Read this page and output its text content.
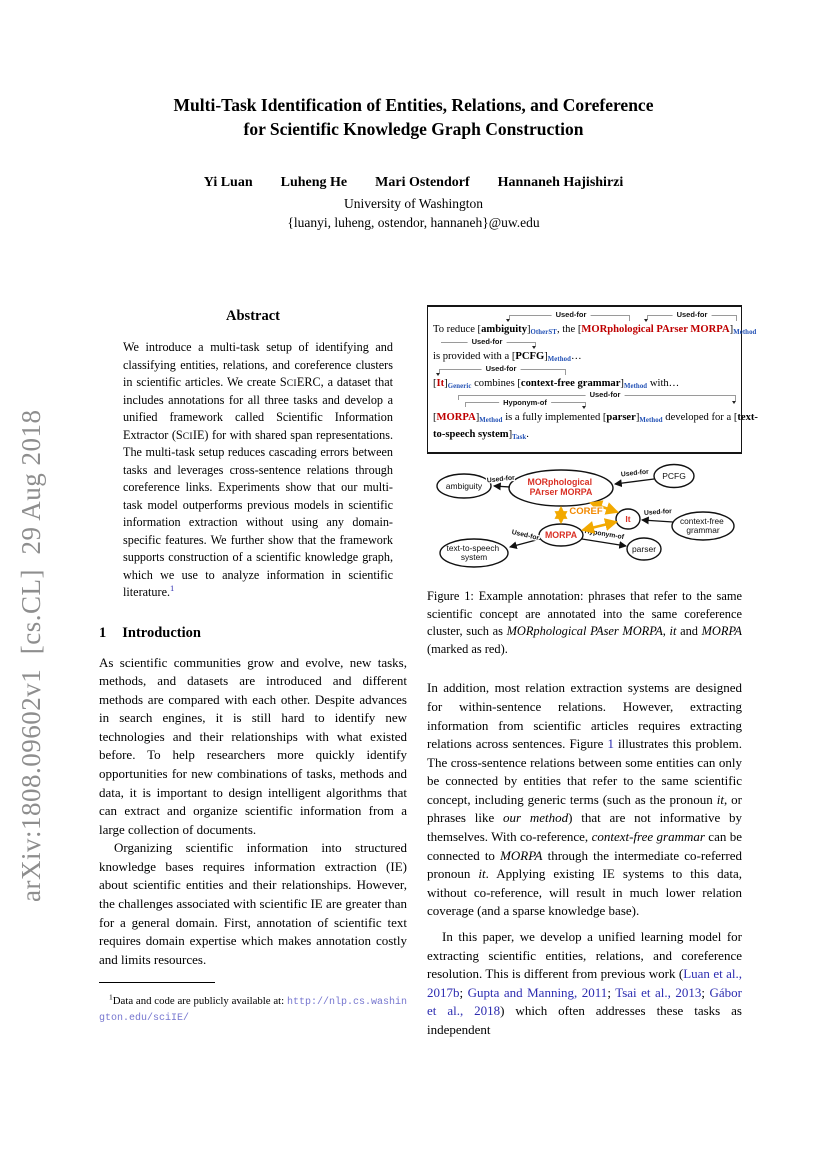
arXiv:1808.09602v1  [cs.CL]  29 Aug 2018
Multi-Task Identification of Entities, Relations, and Coreference
for Scientific Knowledge Graph Construction
Yi Luan Luheng He Mari Ostendorf Hannaneh Hajishirzi
University of Washington
{luanyi, luheng, ostendor, hannaneh}@uw.edu
Abstract

We introduce a multi-task setup of identifying and classifying entities, relations, and coreference clusters in scientific articles. We create SCIERC, a dataset that includes annotations for all three tasks and develop a unified framework called Scientific Information Extractor (SCIIE) for with shared span representations. The multi-task setup reduces cascading errors between tasks and leverages cross-sentence relations through coreference links. Experiments show that our multi-task model outperforms previous models in scientific information extraction without using any domain-specific features. We further show that the framework supports construction of a scientific knowledge graph, which we use to analyze information in scientific literature.$^1$

1 Introduction

As scientific communities grow and evolve, new tasks, methods, and datasets are introduced and different methods are compared with each other. Despite advances in search engines, it is still hard to identify new technologies and their relationships with what existed before. To help researchers more quickly identify opportunities for new combinations of tasks, methods and data, it is important to design intelligent algorithms that can extract and organize scientific information from a large collection of documents.

Organizing scientific information into structured knowledge bases requires information extraction (IE) about scientific entities and their relationships. However, the challenges associated with scientific IE are greater than for a general domain. First, annotation of scientific text requires domain expertise which makes annotation costly and limits resources.

$^1$Data and code are publicly available at: http://nlp.cs.washington.edu/sciIE/

Used-for	Used-for
To reduce [ambiguity]OtherST, the [MORphological PArser MORPA]Method
Used-for
is provided with a [PCFG]Method…
Used-for
[It]Generic combines [context-free grammar]Method with…
Used-for
Hyponym-of
[MORPA]Method is a fully implemented [parser]Method developed for a [text-
to-speech system]Task.
ambiguity	MORphological PArser MORPA
PCFG
It	context-free grammar
MORPA
text-to-speech system
parser
Used-for
Used-for
Used-for
Used-for	Hyponym-of
COREF

Figure 1: Example annotation: phrases that refer to the same scientific concept are annotated into the same coreference cluster, such as MORphological PAser MORPA, it and MORPA (marked as red).

In addition, most relation extraction systems are designed for within-sentence relations. However, extracting information from scientific articles requires extracting relations across sentences. Figure 1 illustrates this problem. The cross-sentence relations between some entities can only be connected by entities that refer to the same scientific concept, including generic terms (such as the pronoun it, or phrases like our method) that are not informative by themselves. With co-reference, context-free grammar can be connected to MORPA through the intermediate co-referred pronoun it. Applying existing IE systems to this data, without co-reference, will result in much lower relation coverage (and a sparse knowledge base).

In this paper, we develop a unified learning model for extracting scientific entities, relations, and coreference resolution. This is different from previous work (Luan et al., 2017b; Gupta and Manning, 2011; Tsai et al., 2013; Gábor et al., 2018) which often addresses these tasks as independent
